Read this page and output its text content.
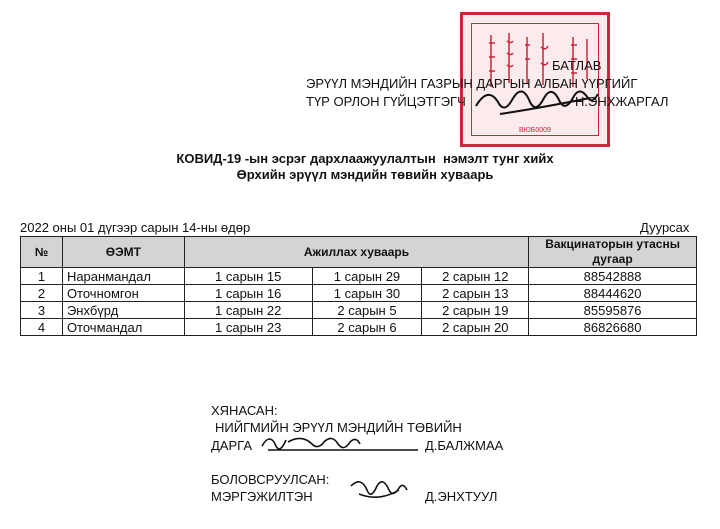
ВЮБ0009
БАТЛАВ
ЭРҮҮЛ МЭНДИЙН ГАЗРЫН ДАРГЫН АЛБАН ҮҮРГИЙГ
ТҮР ОРЛОН ГҮЙЦЭТГЭГЧ	Н.ЭНХЖАРГАЛ
КОВИД-19 -ын эсрэг дархлаажуулалтын  нэмэлт тунг хийх
Өрхийн эрүүл мэндийн төвийн хуваарь
2022 оны 01 дүгээр сарын 14-ны өдөр	Дуурсах
№	ӨЭМТ	Ажиллах хуваарь			Вакцинаторын утасны дугаар
1	Наранмандал	1 сарын 15	1 сарын 29	2 сарын 12	88542888
2	Оточномгон	1 сарын 16	1 сарын 30	2 сарын 13	88444620
3	Энхбүрд	1 сарын 22	2 сарын 5	2 сарын 19	85595876
4	Оточмандал	1 сарын 23	2 сарын 6	2 сарын 20	86826680
ХЯНАСАН:
НИЙГМИЙН ЭРҮҮЛ МЭНДИЙН ТӨВИЙН
ДАРГА	Д.БАЛЖМАА
БОЛОВСРУУЛСАН:
МЭРГЭЖИЛТЭН	Д.ЭНХТУУЛ
